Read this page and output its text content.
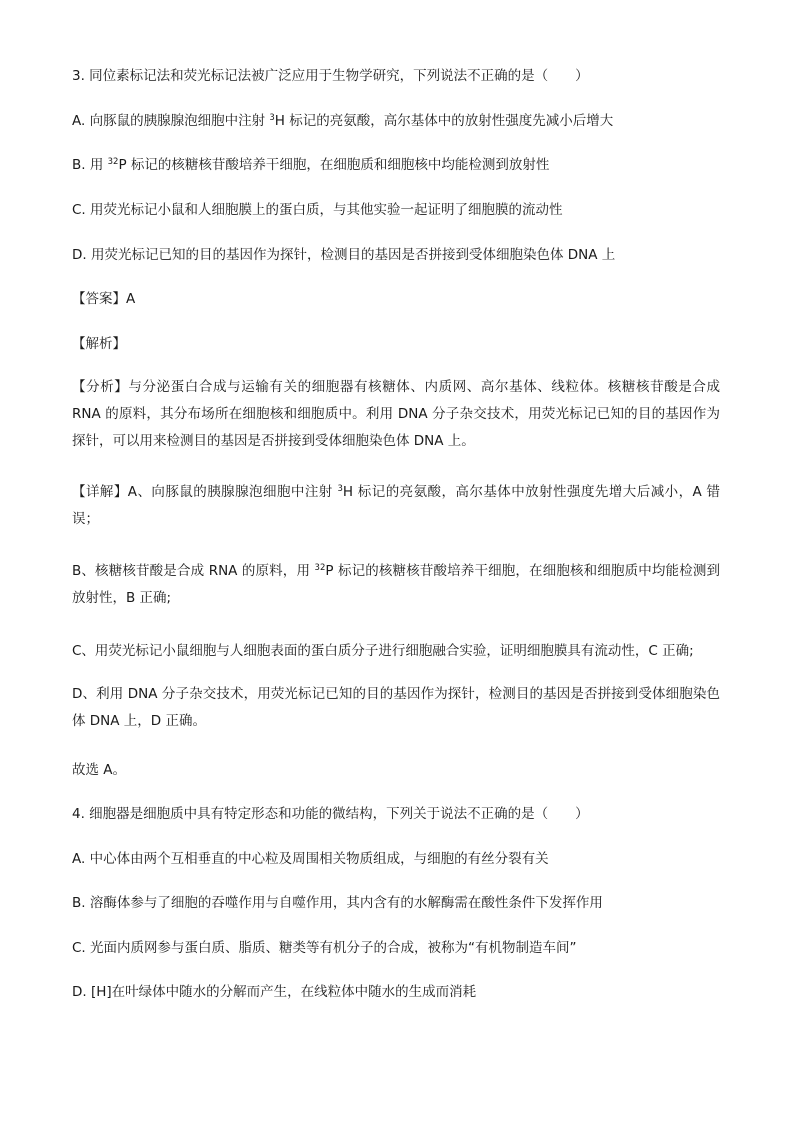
3. 同位素标记法和荧光标记法被广泛应用于生物学研究，下列说法不正确的是（　　）
A. 向豚鼠的胰腺腺泡细胞中注射 $^3$H 标记的亮氨酸，高尔基体中的放射性强度先减小后增大
B. 用 $^{32}$P 标记的核糖核苷酸培养干细胞，在细胞质和细胞核中均能检测到放射性
C. 用荧光标记小鼠和人细胞膜上的蛋白质，与其他实验一起证明了细胞膜的流动性
D. 用荧光标记已知的目的基因作为探针，检测目的基因是否拼接到受体细胞染色体 DNA 上
【答案】A
【解析】
【分析】与分泌蛋白合成与运输有关的细胞器有核糖体、内质网、高尔基体、线粒体。核糖核苷酸是合成 RNA 的原料，其分布场所在细胞核和细胞质中。利用 DNA 分子杂交技术，用荧光标记已知的目的基因作为探针，可以用来检测目的基因是否拼接到受体细胞染色体 DNA 上。
【详解】A、向豚鼠的胰腺腺泡细胞中注射 $^3$H 标记的亮氨酸，高尔基体中放射性强度先增大后减小，A 错误；
B、核糖核苷酸是合成 RNA 的原料，用 $^{32}$P 标记的核糖核苷酸培养干细胞，在细胞核和细胞质中均能检测到放射性，B 正确;
C、用荧光标记小鼠细胞与人细胞表面的蛋白质分子进行细胞融合实验，证明细胞膜具有流动性，C 正确;
D、利用 DNA 分子杂交技术，用荧光标记已知的目的基因作为探针，检测目的基因是否拼接到受体细胞染色体 DNA 上，D 正确。
故选 A。
4. 细胞器是细胞质中具有特定形态和功能的微结构，下列关于说法不正确的是（　　）
A. 中心体由两个互相垂直的中心粒及周围相关物质组成，与细胞的有丝分裂有关
B. 溶酶体参与了细胞的吞噬作用与自噬作用，其内含有的水解酶需在酸性条件下发挥作用
C. 光面内质网参与蛋白质、脂质、糖类等有机分子的合成，被称为“有机物制造车间”
D. [H]在叶绿体中随水的分解而产生，在线粒体中随水的生成而消耗
